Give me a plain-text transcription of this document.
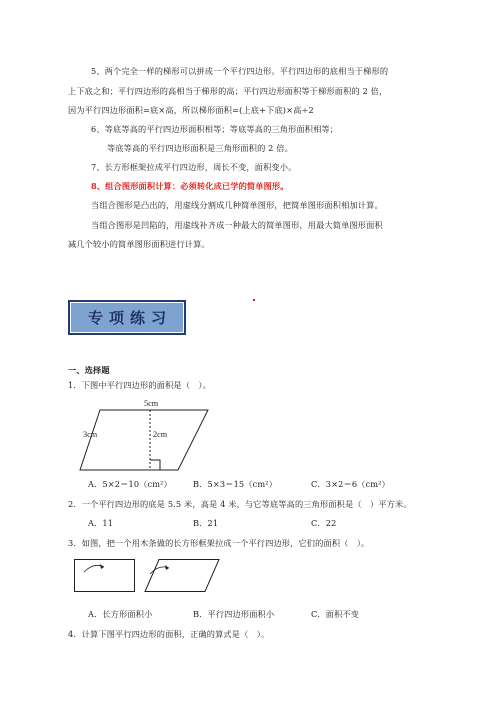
5、两个完全一样的梯形可以拼成一个平行四边形。平行四边形的底相当于梯形的
上下底之和；平行四边形的高相当于梯形的高；平行四边形面积等于梯形面积的 2 倍，
因为平行四边形面积=底×高，所以梯形面积=(上底+下底)×高÷2
6、等底等高的平行四边形面积相等；等底等高的三角形面积相等；
等底等高的平行四边形面积是三角形面积的 2 倍。
7、长方形框架拉成平行四边形，周长不变，面积变小。
8、组合图形面积计算：必须转化成已学的简单图形。
当组合图形是凸出的，用虚线分割成几种简单图形，把简单图形面积相加计算。
当组合图形是凹陷的，用虚线补齐成一种最大的简单图形，用最大简单图形面积
减几个较小的简单图形面积进行计算。
专项练习
一、选择题
1．下图中平行四边形的面积是（　）。
5cm
3cm	2cm
A．5×2＝10（cm²）	B．5×3＝15（cm²）	C．3×2＝6（cm²）
2．一个平行四边形的底是 5.5 米，高是 4 米，与它等底等高的三角形面积是（　）平方米。
A．11	B．21	C．22
3．如图，把一个用木条做的长方形框架拉成一个平行四边形，它们的面积（　）。
A．长方形面积小	B．平行四边形面积小	C．面积不变
4．计算下图平行四边形的面积，正确的算式是（　）。
